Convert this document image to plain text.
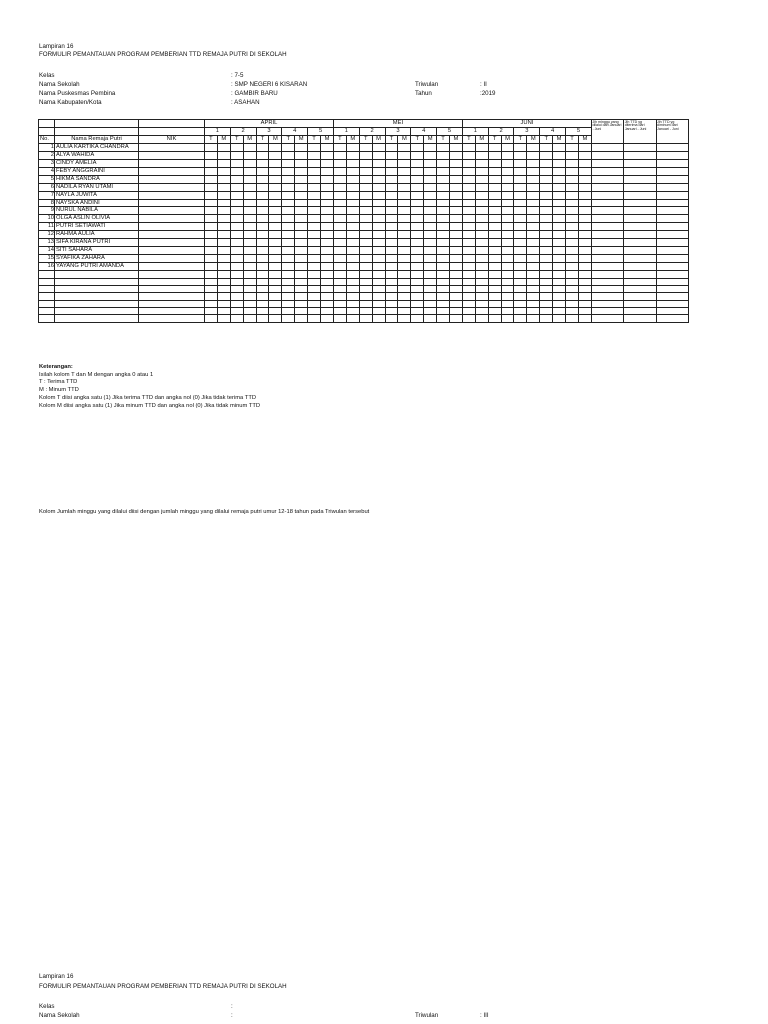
Lampiran 16
FORMULIR PEMANTAUAN PROGRAM PEMBERIAN TTD REMAJA PUTRI DI SEKOLAH
Kelas	: 7-5
Nama Sekolah	: SMP NEGERI 6 KISARAN	Triwulan	: II
Nama Puskesmas Pembina	: GAMBIR BARU	Tahun	:2019
Nama Kabupaten/Kota	: ASAHAN
			APRIL										MEI										JUNI										Jlh minggu yang dilalui dari Januari - Juni	Jlh TTD yg diterima dari Januari - Juni	Jlh TTD yg diminum dari Januari - Juni
			1		2		3		4		5		1		2		3		4		5		1		2		3		4		5				
No.	Nama Remaja Putri	NIK	T	M	T	M	T	M	T	M	T	M	T	M	T	M	T	M	T	M	T	M	T	M	T	M	T	M	T	M	T	M			
1	AULIA KARTIKA CHANDRA																																		
2	ALYA WAHIDA																																		
3	CINDY AMELIA																																		
4	FEBY ANGGRAINI																																		
5	HIKMA SANDRA																																		
6	NADILA RYAN UTAMI																																		
7	NAYLA JUWITA																																		
8	NAYSKA ANDINI																																		
9	NURUL NABILA																																		
10	OLGA ASLIN OLIVIA																																		
11	PUTRI SETIAWATI																																		
12	RAHMA AULIA																																		
13	SIFA KIRANA PUTRI																																		
14	SITI SAHARA																																		
15	SYAFIKA ZAHARA																																		
16	YAYANG PUTRI AMANDA																																		

Keterangan:
Isilah kolom T dan M dengan angka 0 atau 1
T : Terima TTD
M : Minum TTD
Kolom T diisi angka satu (1) Jika terima TTD dan angka nol (0) Jika tidak terima TTD
Kolom M diisi angka satu (1) Jika minum TTD dan angka nol (0) Jika tidak minum TTD
Kolom Jumlah minggu yang dilalui diisi dengan jumlah minggu yang dilalui remaja putri umur 12-18 tahun pada Triwulan tersebut
Lampiran 16
FORMULIR PEMANTAUAN PROGRAM PEMBERIAN TTD REMAJA PUTRI DI SEKOLAH
Kelas	:
Nama Sekolah	:	Triwulan	: III
